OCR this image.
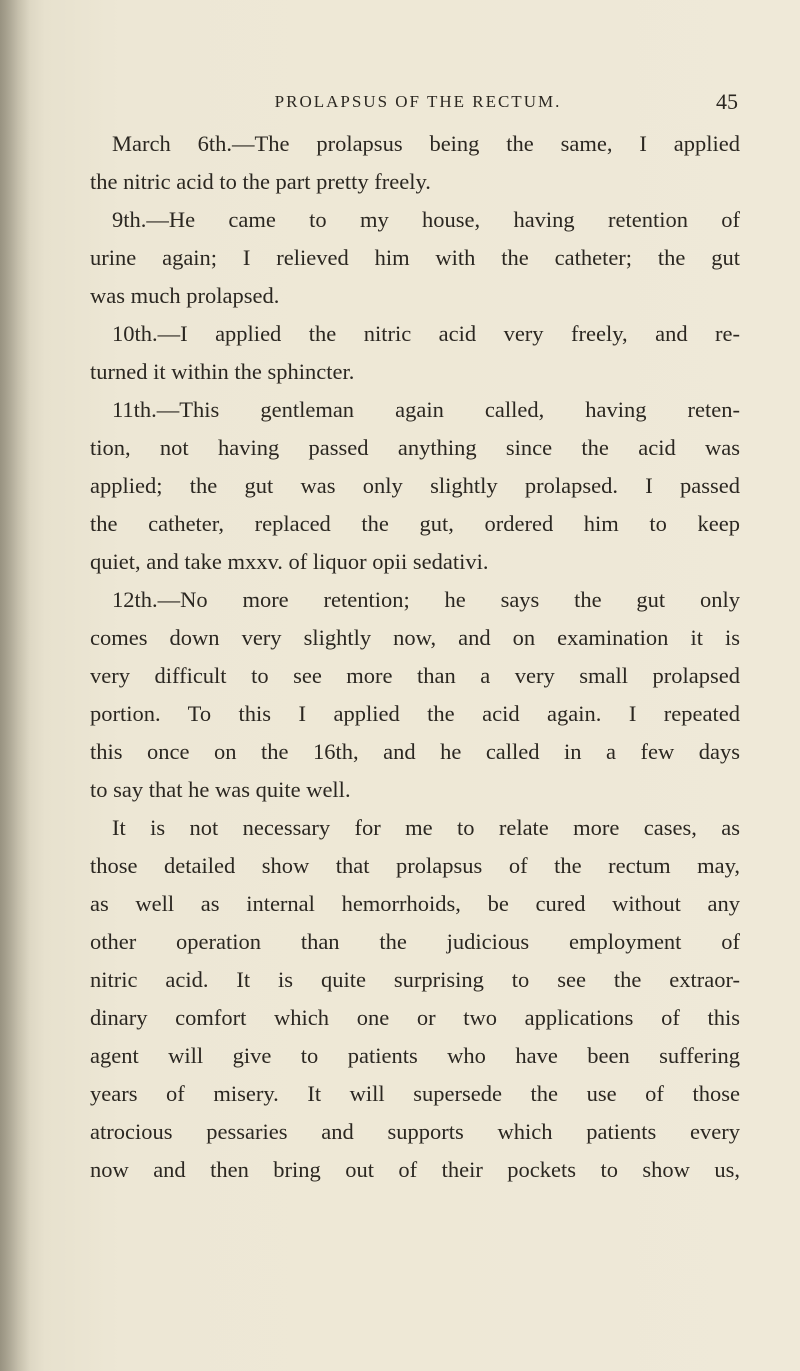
PROLAPSUS OF THE RECTUM.	45
March 6th.—The prolapsus being the same, I applied
the nitric acid to the part pretty freely.
9th.—He came to my house, having retention of
urine again; I relieved him with the catheter; the gut
was much prolapsed.
10th.—I applied the nitric acid very freely, and re-
turned it within the sphincter.
11th.—This gentleman again called, having reten-
tion, not having passed anything since the acid was
applied; the gut was only slightly prolapsed. I passed
the catheter, replaced the gut, ordered him to keep
quiet, and take mxxv. of liquor opii sedativi.
12th.—No more retention; he says the gut only
comes down very slightly now, and on examination it is
very difficult to see more than a very small prolapsed
portion. To this I applied the acid again. I repeated
this once on the 16th, and he called in a few days
to say that he was quite well.
It is not necessary for me to relate more cases, as
those detailed show that prolapsus of the rectum may,
as well as internal hemorrhoids, be cured without any
other operation than the judicious employment of
nitric acid. It is quite surprising to see the extraor-
dinary comfort which one or two applications of this
agent will give to patients who have been suffering
years of misery. It will supersede the use of those
atrocious pessaries and supports which patients every
now and then bring out of their pockets to show us,
